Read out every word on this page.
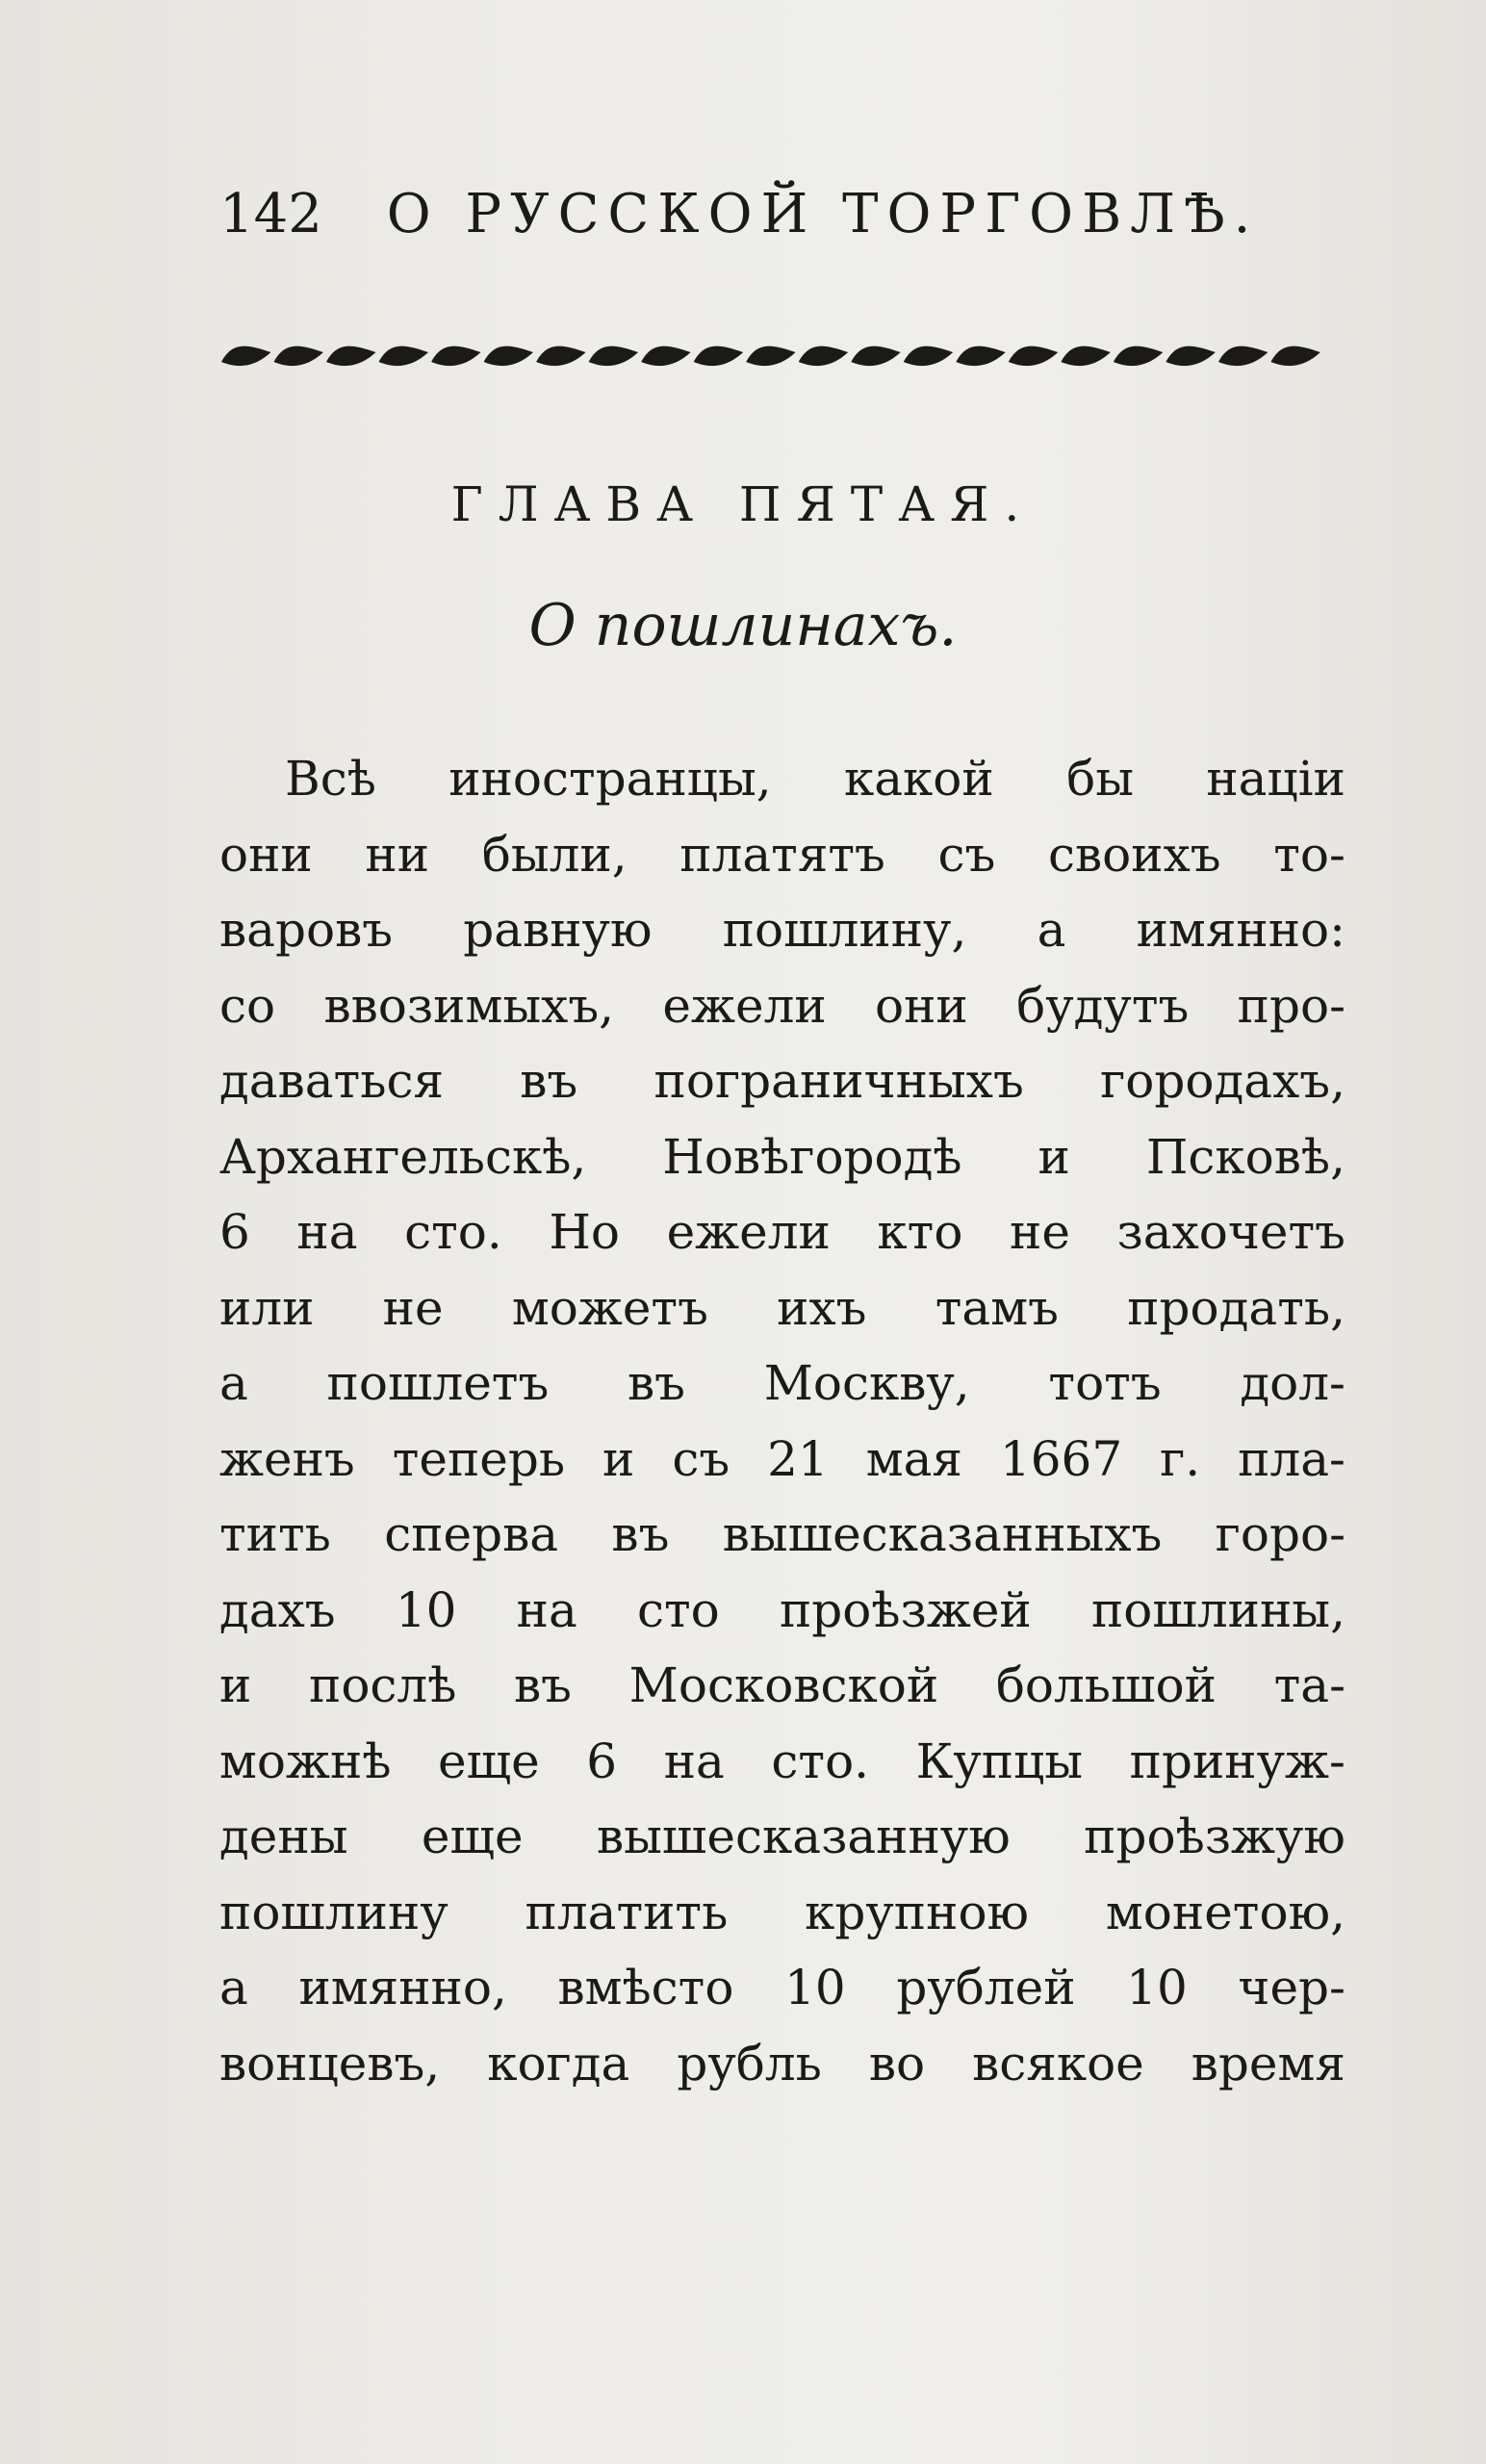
142 О РУССКОЙ ТОРГОВЛѢ.
ГЛАВА ПЯТАЯ.
О пошлинахъ.
Всѣ иностранцы, какой бы націи
они ни были, платятъ съ своихъ то-
варовъ равную пошлину, а имянно:
со ввозимыхъ, ежели они будутъ про-
даваться въ пограничныхъ городахъ,
Архангельскѣ, Новѣгородѣ и Псковѣ,
6 на сто. Но ежели кто не захочетъ
или не можетъ ихъ тамъ продать,
а пошлетъ въ Москву, тотъ дол-
женъ теперь и съ 21 мая 1667 г. пла-
тить сперва въ вышесказанныхъ горо-
дахъ 10 на сто проѣзжей пошлины,
и послѣ въ Московской большой та-
можнѣ еще 6 на сто. Купцы принуж-
дены еще вышесказанную проѣзжую
пошлину платить крупною монетою,
а имянно, вмѣсто 10 рублей 10 чер-
вонцевъ, когда рубль во всякое время
